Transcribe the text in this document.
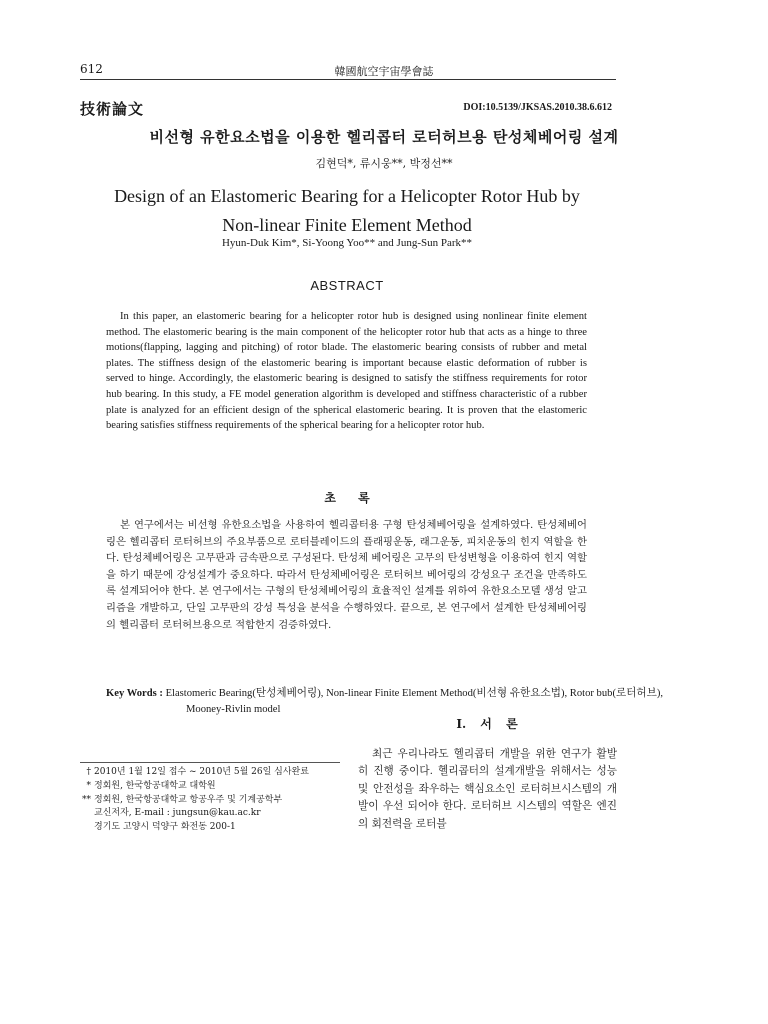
612	韓國航空宇宙學會誌
技術論文	DOI:10.5139/JKSAS.2010.38.6.612
비선형 유한요소법을 이용한 헬리콥터 로터허브용 탄성체베어링 설계
김현덕*, 류시웅**, 박정선**
Design of an Elastomeric Bearing for a Helicopter Rotor Hub by
Non-linear Finite Element Method
Hyun-Duk Kim*, Si-Yoong Yoo** and Jung-Sun Park**
ABSTRACT
In this paper, an elastomeric bearing for a helicopter rotor hub is designed using nonlinear finite element method. The elastomeric bearing is the main component of the helicopter rotor hub that acts as a hinge to three motions(flapping, lagging and pitching) of rotor blade. The elastomeric bearing consists of rubber and metal plates. The stiffness design of the elastomeric bearing is important because elastic deformation of rubber is served to hinge. Accordingly, the elastomeric bearing is designed to satisfy the stiffness requirements for rotor hub bearing. In this study, a FE model generation algorithm is developed and stiffness characteristic of a rubber plate is analyzed for an efficient design of the spherical elastomeric bearing. It is proven that the elastomeric bearing satisfies stiffness requirements of the spherical bearing for a helicopter rotor hub.
초 록
본 연구에서는 비선형 유한요소법을 사용하여 헬리콥터용 구형 탄성체베어링을 설계하였다. 탄성체베어링은 헬리콥터 로터허브의 주요부품으로 로터블레이드의 플래핑운동, 래그운동, 피치운동의 힌지 역할을 한다. 탄성체베어링은 고무판과 금속판으로 구성된다. 탄성체 베어링은 고무의 탄성변형을 이용하여 힌지 역할을 하기 때문에 강성설계가 중요하다. 따라서 탄성체베어링은 로터허브 베어링의 강성요구 조건을 만족하도록 설계되어야 한다. 본 연구에서는 구형의 탄성체베어링의 효율적인 설계를 위하여 유한요소모델 생성 알고리즘을 개발하고, 단일 고무판의 강성 특성을 분석을 수행하였다. 끝으로, 본 연구에서 설계한 탄성체베어링의 헬리콥터 로터허브용으로 적합한지 검증하였다.
Key Words : Elastomeric Bearing(탄성체베어링), Non-linear Finite Element Method(비선형 유한요소법), Rotor bub(로터허브), Mooney-Rivlin model
Ⅰ. 서 론
최근 우리나라도 헬리콥터 개발을 위한 연구가 활발히 진행 중이다. 헬리콥터의 설계개발을 위해서는 성능 및 안전성을 좌우하는 핵심요소인 로터허브시스템의 개발이 우선 되어야 한다. 로터허브 시스템의 역할은 엔진의 회전력을 로터블
† 2010년 1월 12일 접수 ~ 2010년 5월 26일 심사완료
* 정회원, 한국항공대학교 대학원
** 정회원, 한국항공대학교 항공우주 및 기계공학부
교신저자, E-mail : jungsun@kau.ac.kr
경기도 고양시 덕양구 화전동 200-1
